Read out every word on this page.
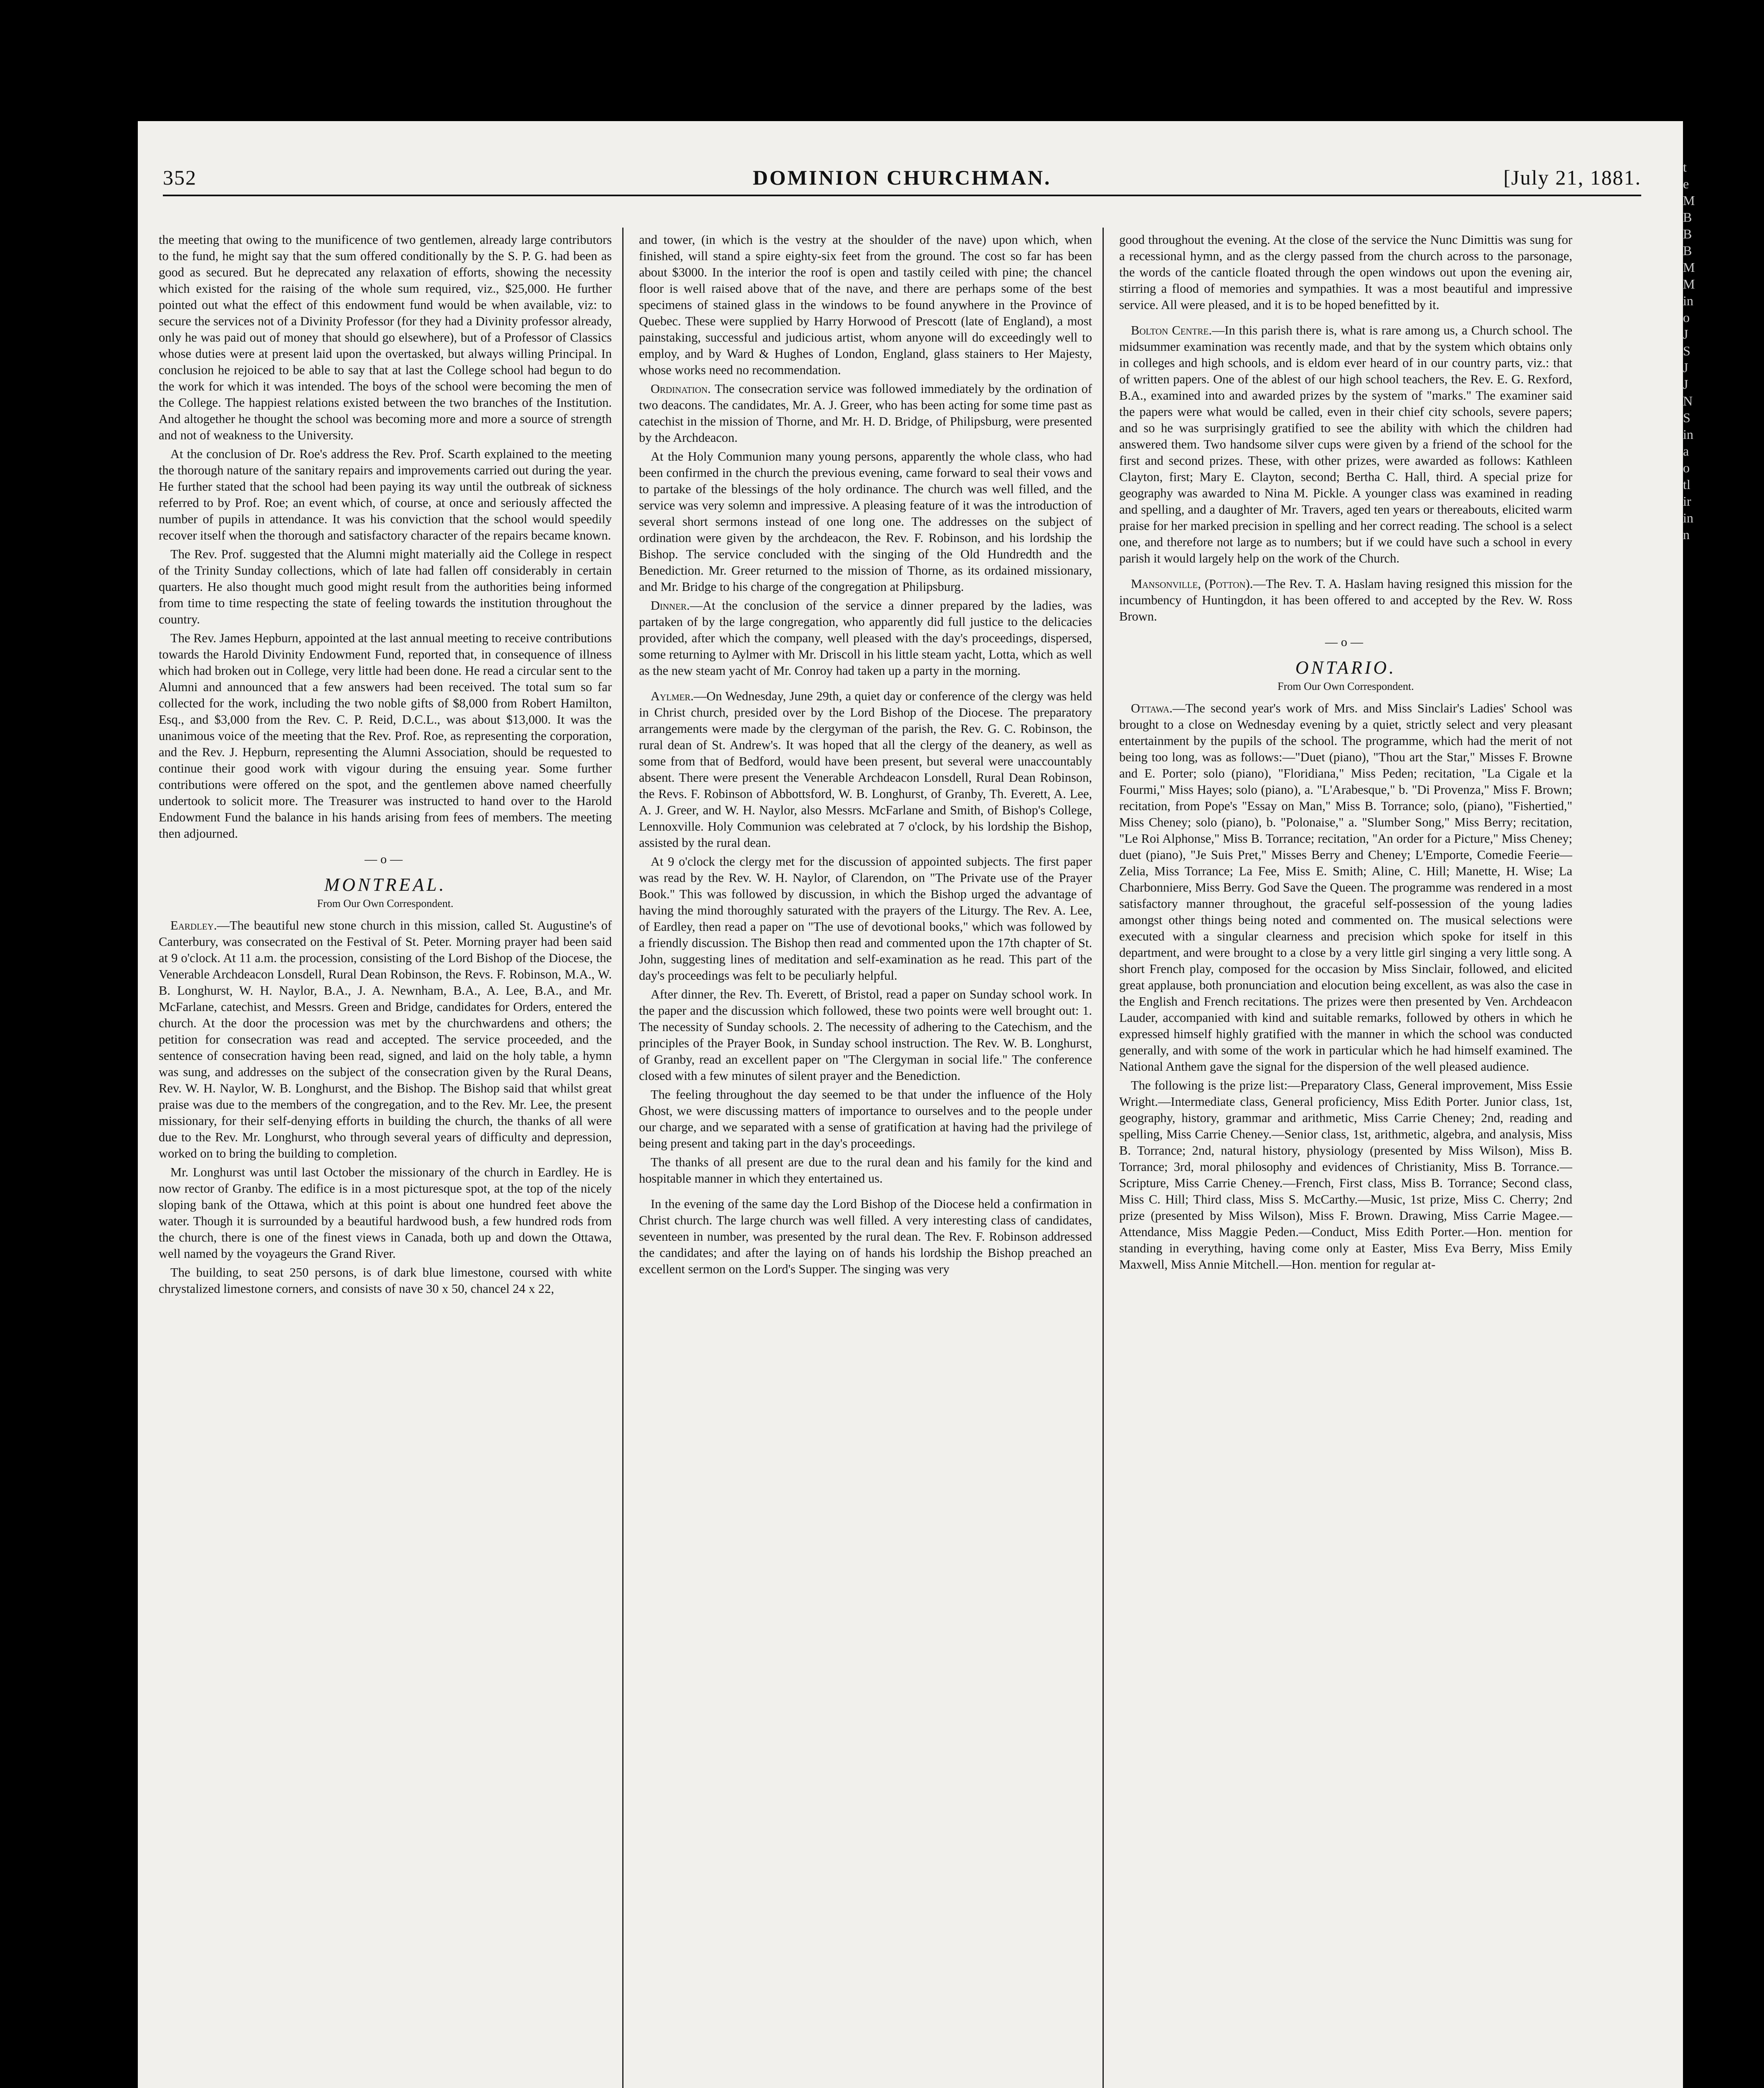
352	DOMINION CHURCHMAN.	[July 21, 1881.

the meeting that owing to the munificence of two gentlemen, already large contributors to the fund, he might say that the sum offered conditionally by the S. P. G. had been as good as secured. But he deprecated any relaxation of efforts, showing the necessity which existed for the raising of the whole sum required, viz., $25,000. He further pointed out what the effect of this endowment fund would be when available, viz: to secure the services not of a Divinity Professor (for they had a Divinity professor already, only he was paid out of money that should go elsewhere), but of a Professor of Classics whose duties were at present laid upon the overtasked, but always willing Principal. In conclusion he rejoiced to be able to say that at last the College school had begun to do the work for which it was intended. The boys of the school were becoming the men of the College. The happiest relations existed between the two branches of the Institution. And altogether he thought the school was becoming more and more a source of strength and not of weakness to the University.

At the conclusion of Dr. Roe's address the Rev. Prof. Scarth explained to the meeting the thorough nature of the sanitary repairs and improvements carried out during the year. He further stated that the school had been paying its way until the outbreak of sickness referred to by Prof. Roe; an event which, of course, at once and seriously affected the number of pupils in attendance. It was his conviction that the school would speedily recover itself when the thorough and satisfactory character of the repairs became known.

The Rev. Prof. suggested that the Alumni might materially aid the College in respect of the Trinity Sunday collections, which of late had fallen off considerably in certain quarters. He also thought much good might result from the authorities being informed from time to time respecting the state of feeling towards the institution throughout the country.

The Rev. James Hepburn, appointed at the last annual meeting to receive contributions towards the Harold Divinity Endowment Fund, reported that, in consequence of illness which had broken out in College, very little had been done. He read a circular sent to the Alumni and announced that a few answers had been received. The total sum so far collected for the work, including the two noble gifts of $8,000 from Robert Hamilton, Esq., and $3,000 from the Rev. C. P. Reid, D.C.L., was about $13,000. It was the unanimous voice of the meeting that the Rev. Prof. Roe, as representing the corporation, and the Rev. J. Hepburn, representing the Alumni Association, should be requested to continue their good work with vigour during the ensuing year. Some further contributions were offered on the spot, and the gentlemen above named cheerfully undertook to solicit more. The Treasurer was instructed to hand over to the Harold Endowment Fund the balance in his hands arising from fees of members. The meeting then adjourned.

—o—
MONTREAL.
From Our Own Correspondent.

Eardley.—The beautiful new stone church in this mission, called St. Augustine's of Canterbury, was consecrated on the Festival of St. Peter. Morning prayer had been said at 9 o'clock. At 11 a.m. the procession, consisting of the Lord Bishop of the Diocese, the Venerable Archdeacon Lonsdell, Rural Dean Robinson, the Revs. F. Robinson, M.A., W. B. Longhurst, W. H. Naylor, B.A., J. A. Newnham, B.A., A. Lee, B.A., and Mr. McFarlane, catechist, and Messrs. Green and Bridge, candidates for Orders, entered the church. At the door the procession was met by the churchwardens and others; the petition for consecration was read and accepted. The service proceeded, and the sentence of consecration having been read, signed, and laid on the holy table, a hymn was sung, and addresses on the subject of the consecration given by the Rural Deans, Rev. W. H. Naylor, W. B. Longhurst, and the Bishop. The Bishop said that whilst great praise was due to the members of the congregation, and to the Rev. Mr. Lee, the present missionary, for their self-denying efforts in building the church, the thanks of all were due to the Rev. Mr. Longhurst, who through several years of difficulty and depression, worked on to bring the building to completion.

Mr. Longhurst was until last October the missionary of the church in Eardley. He is now rector of Granby. The edifice is in a most picturesque spot, at the top of the nicely sloping bank of the Ottawa, which at this point is about one hundred feet above the water. Though it is surrounded by a beautiful hardwood bush, a few hundred rods from the church, there is one of the finest views in Canada, both up and down the Ottawa, well named by the voyageurs the Grand River.

The building, to seat 250 persons, is of dark blue limestone, coursed with white chrystalized limestone corners, and consists of nave 30 x 50, chancel 24 x 22,

and tower, (in which is the vestry at the shoulder of the nave) upon which, when finished, will stand a spire eighty-six feet from the ground. The cost so far has been about $3000. In the interior the roof is open and tastily ceiled with pine; the chancel floor is well raised above that of the nave, and there are perhaps some of the best specimens of stained glass in the windows to be found anywhere in the Province of Quebec. These were supplied by Harry Horwood of Prescott (late of England), a most painstaking, successful and judicious artist, whom anyone will do exceedingly well to employ, and by Ward & Hughes of London, England, glass stainers to Her Majesty, whose works need no recommendation.

Ordination. The consecration service was followed immediately by the ordination of two deacons. The candidates, Mr. A. J. Greer, who has been acting for some time past as catechist in the mission of Thorne, and Mr. H. D. Bridge, of Philipsburg, were presented by the Archdeacon.

At the Holy Communion many young persons, apparently the whole class, who had been confirmed in the church the previous evening, came forward to seal their vows and to partake of the blessings of the holy ordinance. The church was well filled, and the service was very solemn and impressive. A pleasing feature of it was the introduction of several short sermons instead of one long one. The addresses on the subject of ordination were given by the archdeacon, the Rev. F. Robinson, and his lordship the Bishop. The service concluded with the singing of the Old Hundredth and the Benediction. Mr. Greer returned to the mission of Thorne, as its ordained missionary, and Mr. Bridge to his charge of the congregation at Philipsburg.

Dinner.—At the conclusion of the service a dinner prepared by the ladies, was partaken of by the large congregation, who apparently did full justice to the delicacies provided, after which the company, well pleased with the day's proceedings, dispersed, some returning to Aylmer with Mr. Driscoll in his little steam yacht, Lotta, which as well as the new steam yacht of Mr. Conroy had taken up a party in the morning.

Aylmer.—On Wednesday, June 29th, a quiet day or conference of the clergy was held in Christ church, presided over by the Lord Bishop of the Diocese. The preparatory arrangements were made by the clergyman of the parish, the Rev. G. C. Robinson, the rural dean of St. Andrew's. It was hoped that all the clergy of the deanery, as well as some from that of Bedford, would have been present, but several were unaccountably absent. There were present the Venerable Archdeacon Lonsdell, Rural Dean Robinson, the Revs. F. Robinson of Abbottsford, W. B. Longhurst, of Granby, Th. Everett, A. Lee, A. J. Greer, and W. H. Naylor, also Messrs. McFarlane and Smith, of Bishop's College, Lennoxville. Holy Communion was celebrated at 7 o'clock, by his lordship the Bishop, assisted by the rural dean.

At 9 o'clock the clergy met for the discussion of appointed subjects. The first paper was read by the Rev. W. H. Naylor, of Clarendon, on "The Private use of the Prayer Book." This was followed by discussion, in which the Bishop urged the advantage of having the mind thoroughly saturated with the prayers of the Liturgy. The Rev. A. Lee, of Eardley, then read a paper on "The use of devotional books," which was followed by a friendly discussion. The Bishop then read and commented upon the 17th chapter of St. John, suggesting lines of meditation and self-examination as he read. This part of the day's proceedings was felt to be peculiarly helpful.

After dinner, the Rev. Th. Everett, of Bristol, read a paper on Sunday school work. In the paper and the discussion which followed, these two points were well brought out: 1. The necessity of Sunday schools. 2. The necessity of adhering to the Catechism, and the principles of the Prayer Book, in Sunday school instruction. The Rev. W. B. Longhurst, of Granby, read an excellent paper on "The Clergyman in social life." The conference closed with a few minutes of silent prayer and the Benediction.

The feeling throughout the day seemed to be that under the influence of the Holy Ghost, we were discussing matters of importance to ourselves and to the people under our charge, and we separated with a sense of gratification at having had the privilege of being present and taking part in the day's proceedings.

The thanks of all present are due to the rural dean and his family for the kind and hospitable manner in which they entertained us.

In the evening of the same day the Lord Bishop of the Diocese held a confirmation in Christ church. The large church was well filled. A very interesting class of candidates, seventeen in number, was presented by the rural dean. The Rev. F. Robinson addressed the candidates; and after the laying on of hands his lordship the Bishop preached an excellent sermon on the Lord's Supper. The singing was very

good throughout the evening. At the close of the service the Nunc Dimittis was sung for a recessional hymn, and as the clergy passed from the church across to the parsonage, the words of the canticle floated through the open windows out upon the evening air, stirring a flood of memories and sympathies. It was a most beautiful and impressive service. All were pleased, and it is to be hoped benefitted by it.

Bolton Centre.—In this parish there is, what is rare among us, a Church school. The midsummer examination was recently made, and that by the system which obtains only in colleges and high schools, and is eldom ever heard of in our country parts, viz.: that of written papers. One of the ablest of our high school teachers, the Rev. E. G. Rexford, B.A., examined into and awarded prizes by the system of "marks." The examiner said the papers were what would be called, even in their chief city schools, severe papers; and so he was surprisingly gratified to see the ability with which the children had answered them. Two handsome silver cups were given by a friend of the school for the first and second prizes. These, with other prizes, were awarded as follows: Kathleen Clayton, first; Mary E. Clayton, second; Bertha C. Hall, third. A special prize for geography was awarded to Nina M. Pickle. A younger class was examined in reading and spelling, and a daughter of Mr. Travers, aged ten years or thereabouts, elicited warm praise for her marked precision in spelling and her correct reading. The school is a select one, and therefore not large as to numbers; but if we could have such a school in every parish it would largely help on the work of the Church.

Mansonville, (Potton).—The Rev. T. A. Haslam having resigned this mission for the incumbency of Huntingdon, it has been offered to and accepted by the Rev. W. Ross Brown.

—o—
ONTARIO.
From Our Own Correspondent.

Ottawa.—The second year's work of Mrs. and Miss Sinclair's Ladies' School was brought to a close on Wednesday evening by a quiet, strictly select and very pleasant entertainment by the pupils of the school. The programme, which had the merit of not being too long, was as follows:—"Duet (piano), "Thou art the Star," Misses F. Browne and E. Porter; solo (piano), "Floridiana," Miss Peden; recitation, "La Cigale et la Fourmi," Miss Hayes; solo (piano), a. "L'Arabesque," b. "Di Provenza," Miss F. Brown; recitation, from Pope's "Essay on Man," Miss B. Torrance; solo, (piano), "Fishertied," Miss Cheney; solo (piano), b. "Polonaise," a. "Slumber Song," Miss Berry; recitation, "Le Roi Alphonse," Miss B. Torrance; recitation, "An order for a Picture," Miss Cheney; duet (piano), "Je Suis Pret," Misses Berry and Cheney; L'Emporte, Comedie Feerie—Zelia, Miss Torrance; La Fee, Miss E. Smith; Aline, C. Hill; Manette, H. Wise; La Charbonniere, Miss Berry. God Save the Queen. The programme was rendered in a most satisfactory manner throughout, the graceful self-possession of the young ladies amongst other things being noted and commented on. The musical selections were executed with a singular clearness and precision which spoke for itself in this department, and were brought to a close by a very little girl singing a very little song. A short French play, composed for the occasion by Miss Sinclair, followed, and elicited great applause, both pronunciation and elocution being excellent, as was also the case in the English and French recitations. The prizes were then presented by Ven. Archdeacon Lauder, accompanied with kind and suitable remarks, followed by others in which he expressed himself highly gratified with the manner in which the school was conducted generally, and with some of the work in particular which he had himself examined. The National Anthem gave the signal for the dispersion of the well pleased audience.

The following is the prize list:—Preparatory Class, General improvement, Miss Essie Wright.—Intermediate class, General proficiency, Miss Edith Porter. Junior class, 1st, geography, history, grammar and arithmetic, Miss Carrie Cheney; 2nd, reading and spelling, Miss Carrie Cheney.—Senior class, 1st, arithmetic, algebra, and analysis, Miss B. Torrance; 2nd, natural history, physiology (presented by Miss Wilson), Miss B. Torrance; 3rd, moral philosophy and evidences of Christianity, Miss B. Torrance.—Scripture, Miss Carrie Cheney.—French, First class, Miss B. Torrance; Second class, Miss C. Hill; Third class, Miss S. McCarthy.—Music, 1st prize, Miss C. Cherry; 2nd prize (presented by Miss Wilson), Miss F. Brown. Drawing, Miss Carrie Magee.—Attendance, Miss Maggie Peden.—Conduct, Miss Edith Porter.—Hon. mention for standing in everything, having come only at Easter, Miss Eva Berry, Miss Emily Maxwell, Miss Annie Mitchell.—Hon. mention for regular at-

t
e
M
B
B
B
M
M
in
o
J
S
J
J
N
S
in
a
o
tl
ir
in
n
